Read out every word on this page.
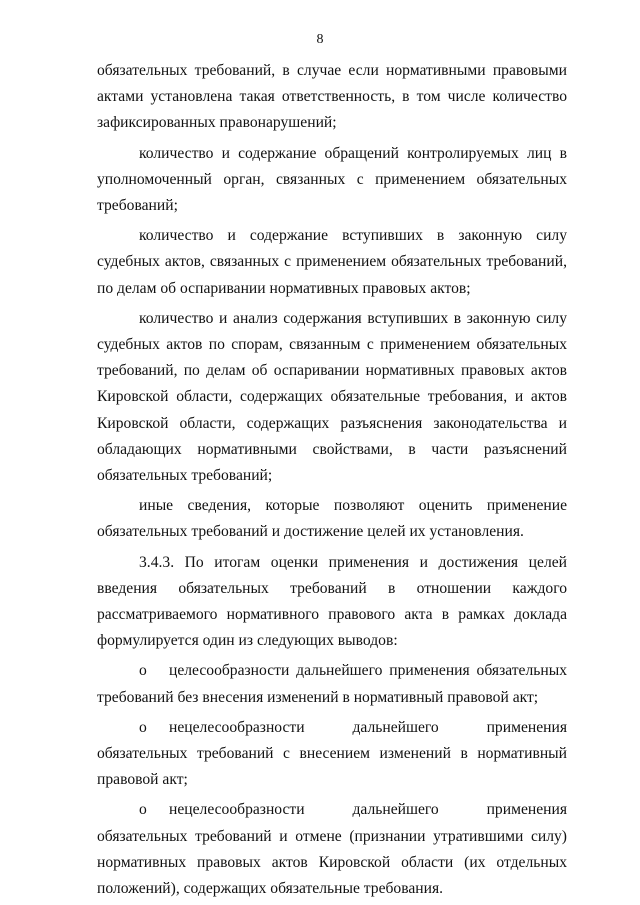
8

обязательных требований, в случае если нормативными правовыми актами установлена такая ответственность, в том числе количество зафиксированных правонарушений;

количество и содержание обращений контролируемых лиц в уполномоченный орган, связанных с применением обязательных требований;

количество и содержание вступивших в законную силу судебных актов, связанных с применением обязательных требований, по делам об оспаривании нормативных правовых актов;

количество и анализ содержания вступивших в законную силу судебных актов по спорам, связанным с применением обязательных требований, по делам об оспаривании нормативных правовых актов Кировской области, содержащих обязательные требования, и актов Кировской области, содержащих разъяснения законодательства и обладающих нормативными свойствами, в части разъяснений обязательных требований;

иные сведения, которые позволяют оценить применение обязательных требований и достижение целей их установления.

3.4.3. По итогам оценки применения и достижения целей введения обязательных требований в отношении каждого рассматриваемого нормативного правового акта в рамках доклада формулируется один из следующих выводов:

о целесообразности дальнейшего применения обязательных требований без внесения изменений в нормативный правовой акт;

о нецелесообразности дальнейшего применения обязательных требований с внесением изменений в нормативный правовой акт;

о нецелесообразности дальнейшего применения обязательных требований и отмене (признании утратившими силу) нормативных правовых актов Кировской области (их отдельных положений), содержащих обязательные требования.
